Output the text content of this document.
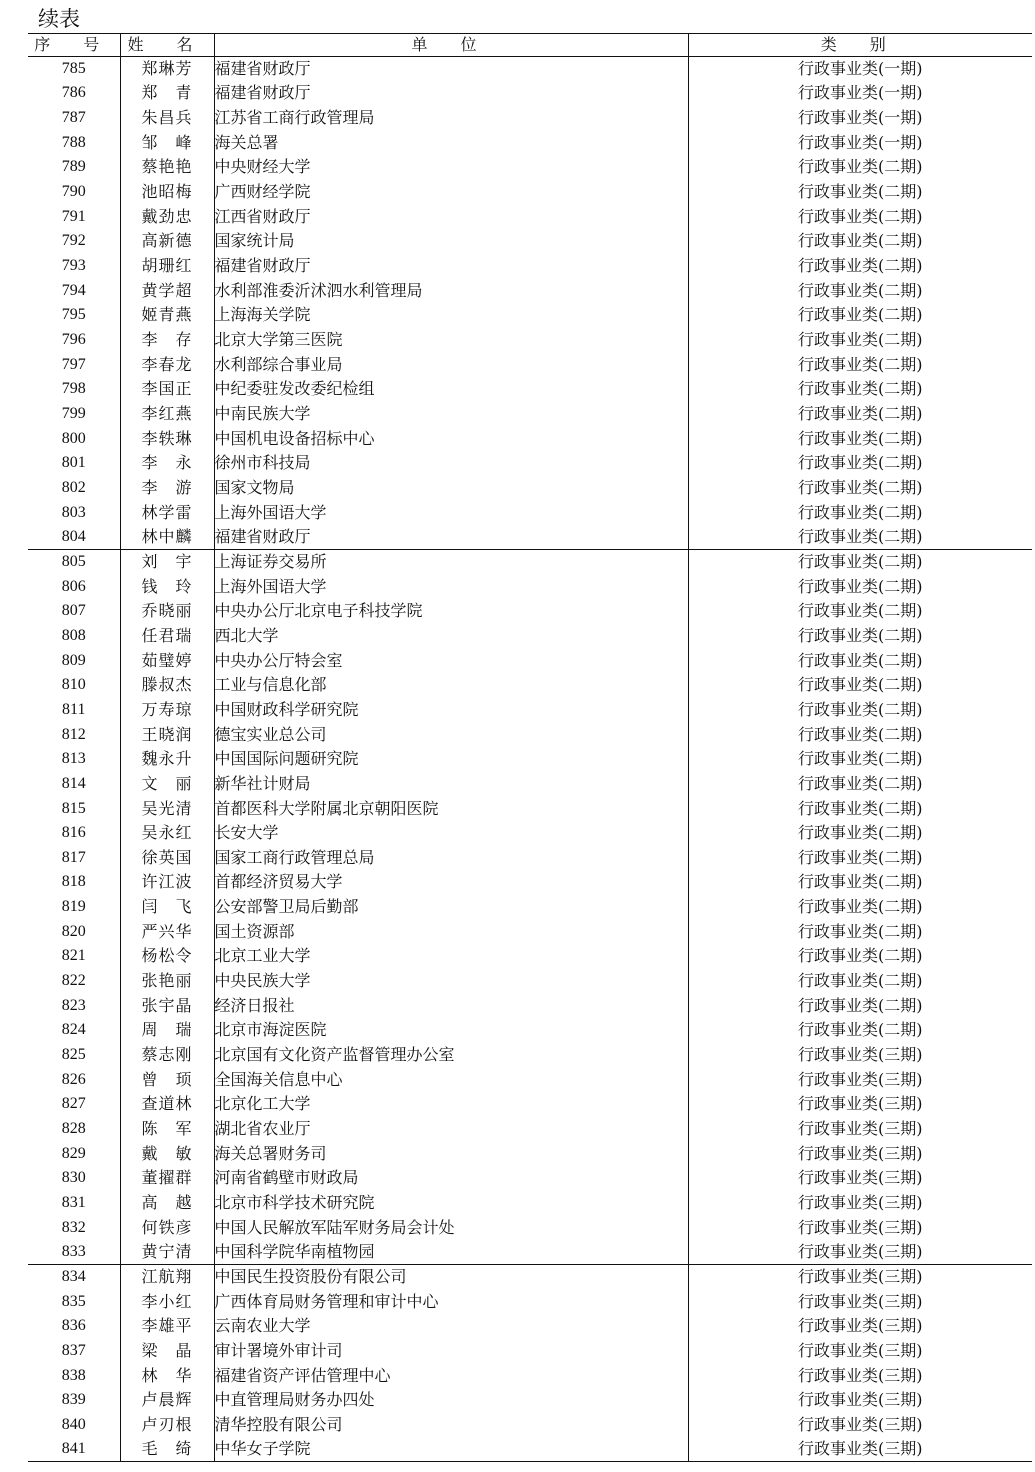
续表
序 号	姓 名	单 位	类 别
785	郑琳芳	福建省财政厅	行政事业类(一期)
786	郑　青	福建省财政厅	行政事业类(一期)
787	朱昌兵	江苏省工商行政管理局	行政事业类(一期)
788	邹　峰	海关总署	行政事业类(一期)
789	蔡艳艳	中央财经大学	行政事业类(二期)
790	池昭梅	广西财经学院	行政事业类(二期)
791	戴劲忠	江西省财政厅	行政事业类(二期)
792	高新德	国家统计局	行政事业类(二期)
793	胡珊红	福建省财政厅	行政事业类(二期)
794	黄学超	水利部淮委沂沭泗水利管理局	行政事业类(二期)
795	姬青燕	上海海关学院	行政事业类(二期)
796	李　存	北京大学第三医院	行政事业类(二期)
797	李春龙	水利部综合事业局	行政事业类(二期)
798	李国正	中纪委驻发改委纪检组	行政事业类(二期)
799	李红燕	中南民族大学	行政事业类(二期)
800	李轶琳	中国机电设备招标中心	行政事业类(二期)
801	李　永	徐州市科技局	行政事业类(二期)
802	李　游	国家文物局	行政事业类(二期)
803	林学雷	上海外国语大学	行政事业类(二期)
804	林中麟	福建省财政厅	行政事业类(二期)
805	刘　宇	上海证券交易所	行政事业类(二期)
806	钱　玲	上海外国语大学	行政事业类(二期)
807	乔晓丽	中央办公厅北京电子科技学院	行政事业类(二期)
808	任君瑞	西北大学	行政事业类(二期)
809	茹璧婷	中央办公厅特会室	行政事业类(二期)
810	滕叔杰	工业与信息化部	行政事业类(二期)
811	万寿琼	中国财政科学研究院	行政事业类(二期)
812	王晓润	德宝实业总公司	行政事业类(二期)
813	魏永升	中国国际问题研究院	行政事业类(二期)
814	文　丽	新华社计财局	行政事业类(二期)
815	吴光清	首都医科大学附属北京朝阳医院	行政事业类(二期)
816	吴永红	长安大学	行政事业类(二期)
817	徐英国	国家工商行政管理总局	行政事业类(二期)
818	许江波	首都经济贸易大学	行政事业类(二期)
819	闫　飞	公安部警卫局后勤部	行政事业类(二期)
820	严兴华	国土资源部	行政事业类(二期)
821	杨松令	北京工业大学	行政事业类(二期)
822	张艳丽	中央民族大学	行政事业类(二期)
823	张宇晶	经济日报社	行政事业类(二期)
824	周　瑞	北京市海淀医院	行政事业类(二期)
825	蔡志刚	北京国有文化资产监督管理办公室	行政事业类(三期)
826	曾　顼	全国海关信息中心	行政事业类(三期)
827	查道林	北京化工大学	行政事业类(三期)
828	陈　军	湖北省农业厅	行政事业类(三期)
829	戴　敏	海关总署财务司	行政事业类(三期)
830	董擢群	河南省鹤壁市财政局	行政事业类(三期)
831	高　越	北京市科学技术研究院	行政事业类(三期)
832	何铁彦	中国人民解放军陆军财务局会计处	行政事业类(三期)
833	黄宁清	中国科学院华南植物园	行政事业类(三期)
834	江航翔	中国民生投资股份有限公司	行政事业类(三期)
835	李小红	广西体育局财务管理和审计中心	行政事业类(三期)
836	李雄平	云南农业大学	行政事业类(三期)
837	梁　晶	审计署境外审计司	行政事业类(三期)
838	林　华	福建省资产评估管理中心	行政事业类(三期)
839	卢晨辉	中直管理局财务办四处	行政事业类(三期)
840	卢刃根	清华控股有限公司	行政事业类(三期)
841	毛　绮	中华女子学院	行政事业类(三期)
